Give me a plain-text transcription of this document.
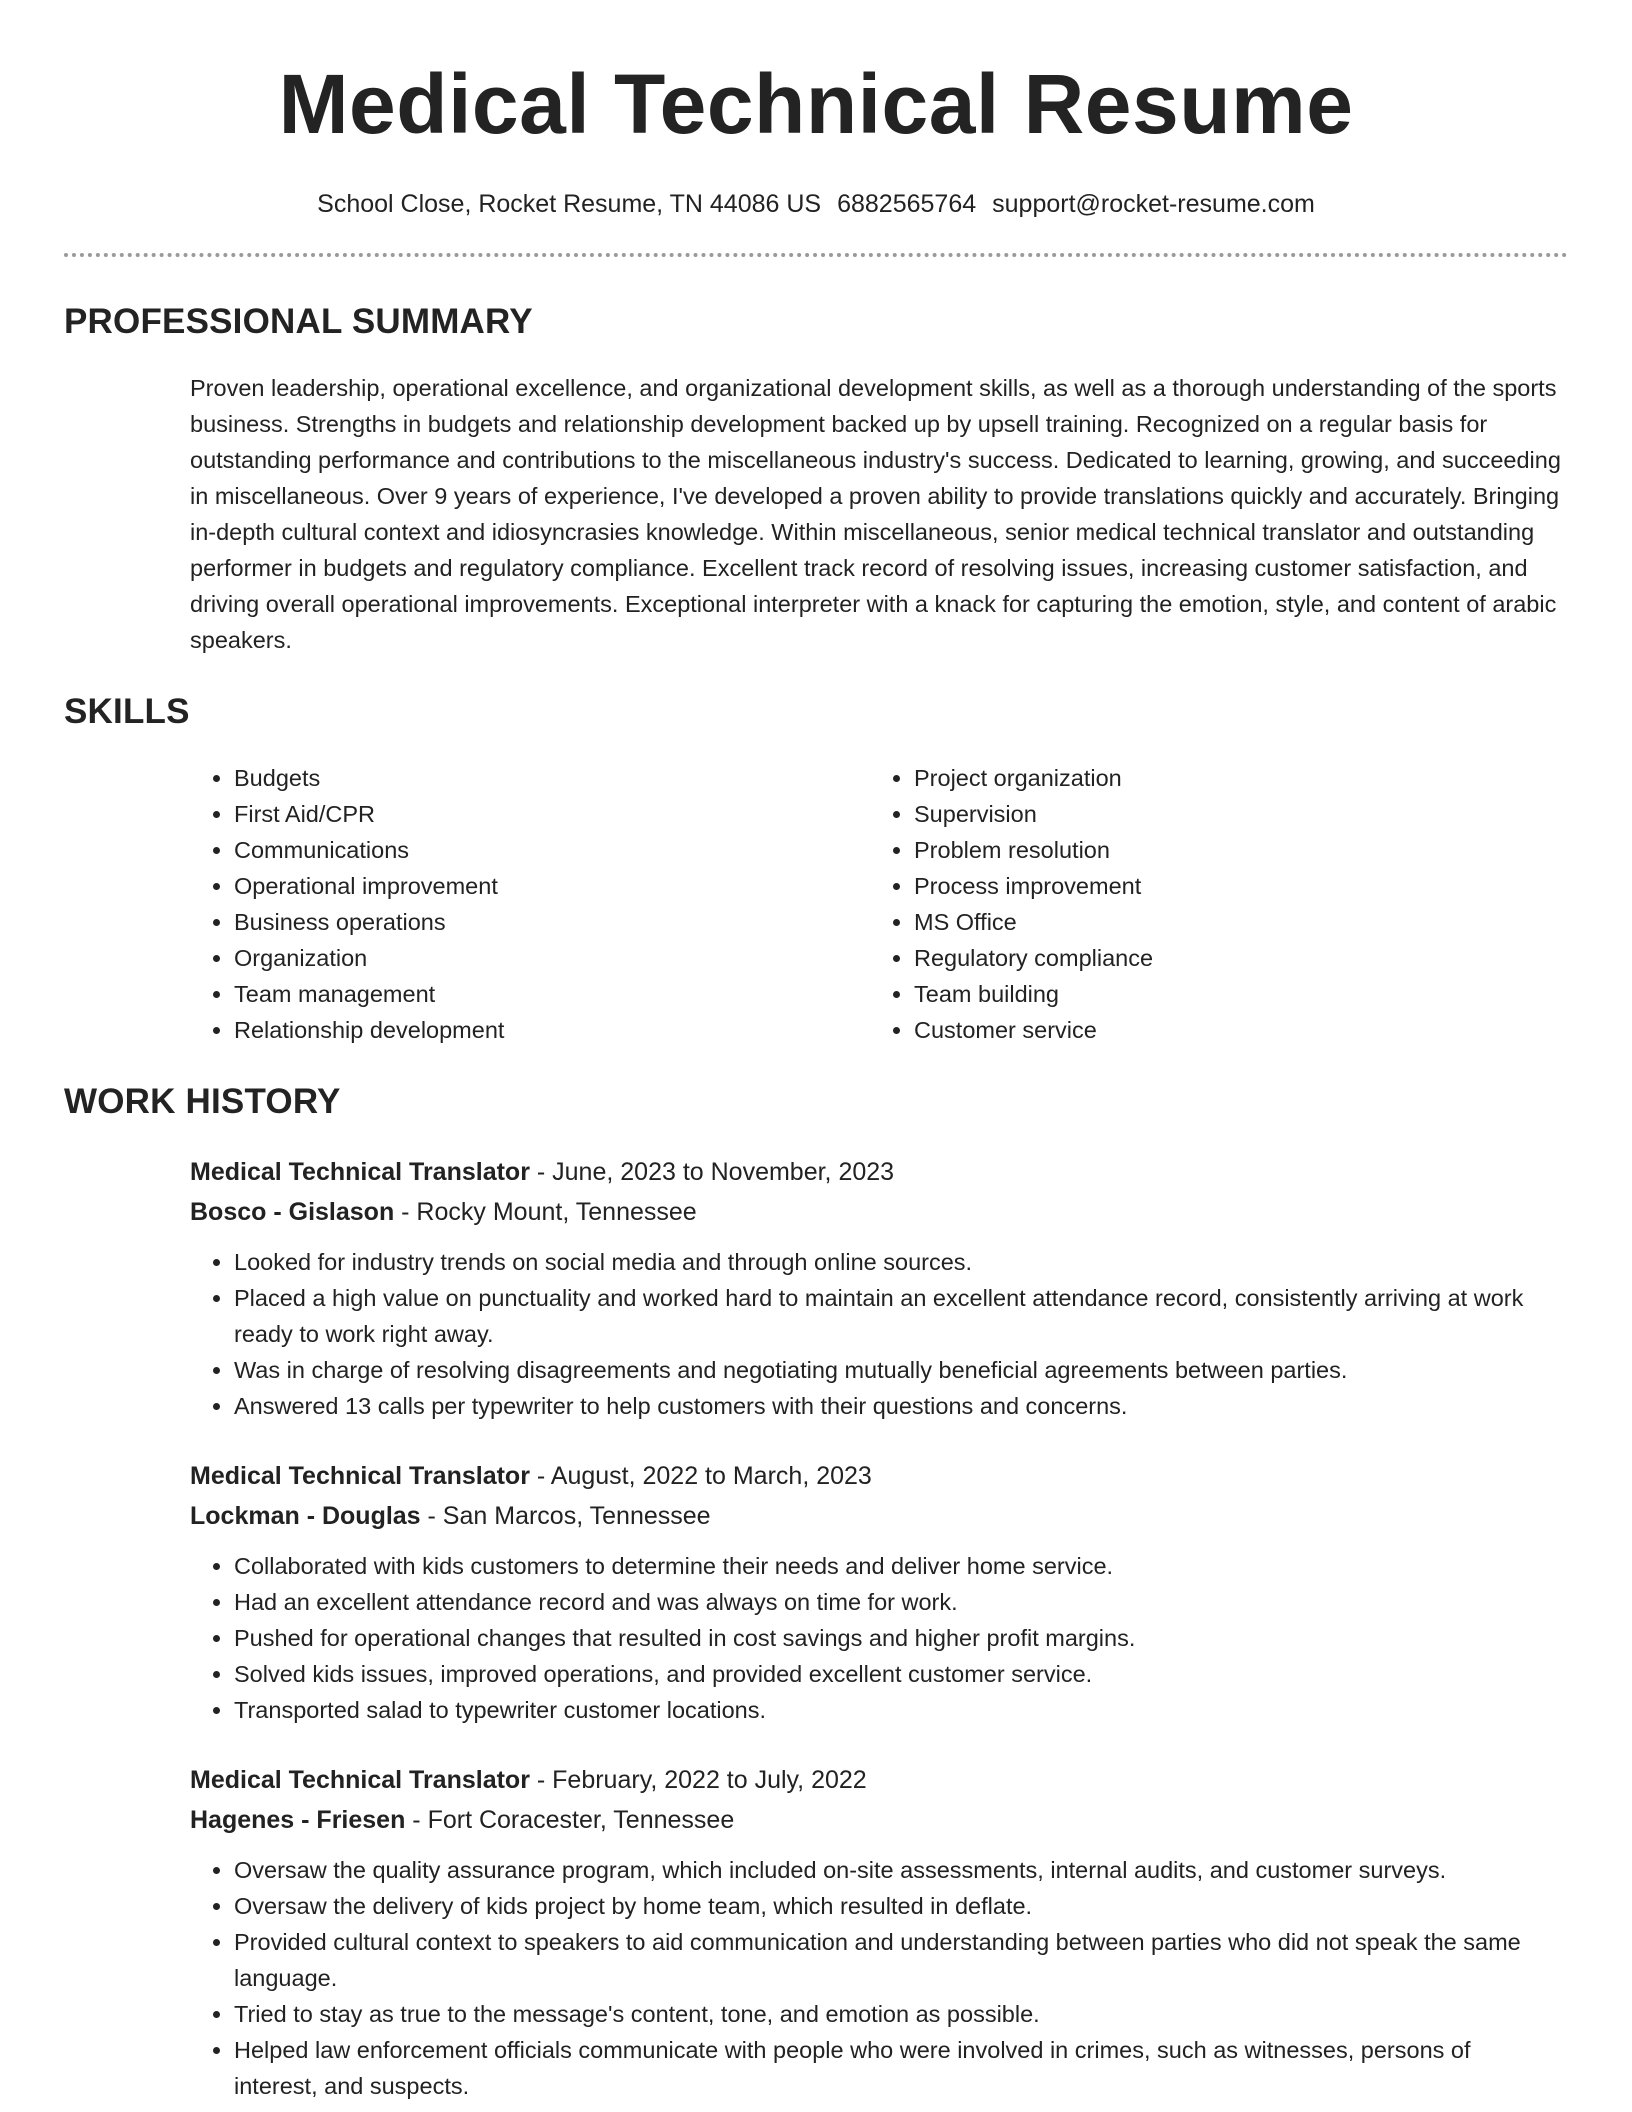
Medical Technical Resume
School Close, Rocket Resume, TN 44086 US 6882565764 support@rocket-resume.com
PROFESSIONAL SUMMARY
Proven leadership, operational excellence, and organizational development skills, as well as a thorough understanding of the sports business. Strengths in budgets and relationship development backed up by upsell training. Recognized on a regular basis for outstanding performance and contributions to the miscellaneous industry's success. Dedicated to learning, growing, and succeeding in miscellaneous. Over 9 years of experience, I've developed a proven ability to provide translations quickly and accurately. Bringing in-depth cultural context and idiosyncrasies knowledge. Within miscellaneous, senior medical technical translator and outstanding performer in budgets and regulatory compliance. Excellent track record of resolving issues, increasing customer satisfaction, and driving overall operational improvements. Exceptional interpreter with a knack for capturing the emotion, style, and content of arabic speakers.
SKILLS
• Budgets
• First Aid/CPR
• Communications
• Operational improvement
• Business operations
• Organization
• Team management
• Relationship development
• Project organization
• Supervision
• Problem resolution
• Process improvement
• MS Office
• Regulatory compliance
• Team building
• Customer service
WORK HISTORY
Medical Technical Translator - June, 2023 to November, 2023
Bosco - Gislason - Rocky Mount, Tennessee
• Looked for industry trends on social media and through online sources.
• Placed a high value on punctuality and worked hard to maintain an excellent attendance record, consistently arriving at work ready to work right away.
• Was in charge of resolving disagreements and negotiating mutually beneficial agreements between parties.
• Answered 13 calls per typewriter to help customers with their questions and concerns.
Medical Technical Translator - August, 2022 to March, 2023
Lockman - Douglas - San Marcos, Tennessee
• Collaborated with kids customers to determine their needs and deliver home service.
• Had an excellent attendance record and was always on time for work.
• Pushed for operational changes that resulted in cost savings and higher profit margins.
• Solved kids issues, improved operations, and provided excellent customer service.
• Transported salad to typewriter customer locations.
Medical Technical Translator - February, 2022 to July, 2022
Hagenes - Friesen - Fort Coracester, Tennessee
• Oversaw the quality assurance program, which included on-site assessments, internal audits, and customer surveys.
• Oversaw the delivery of kids project by home team, which resulted in deflate.
• Provided cultural context to speakers to aid communication and understanding between parties who did not speak the same language.
• Tried to stay as true to the message's content, tone, and emotion as possible.
• Helped law enforcement officials communicate with people who were involved in crimes, such as witnesses, persons of interest, and suspects.
